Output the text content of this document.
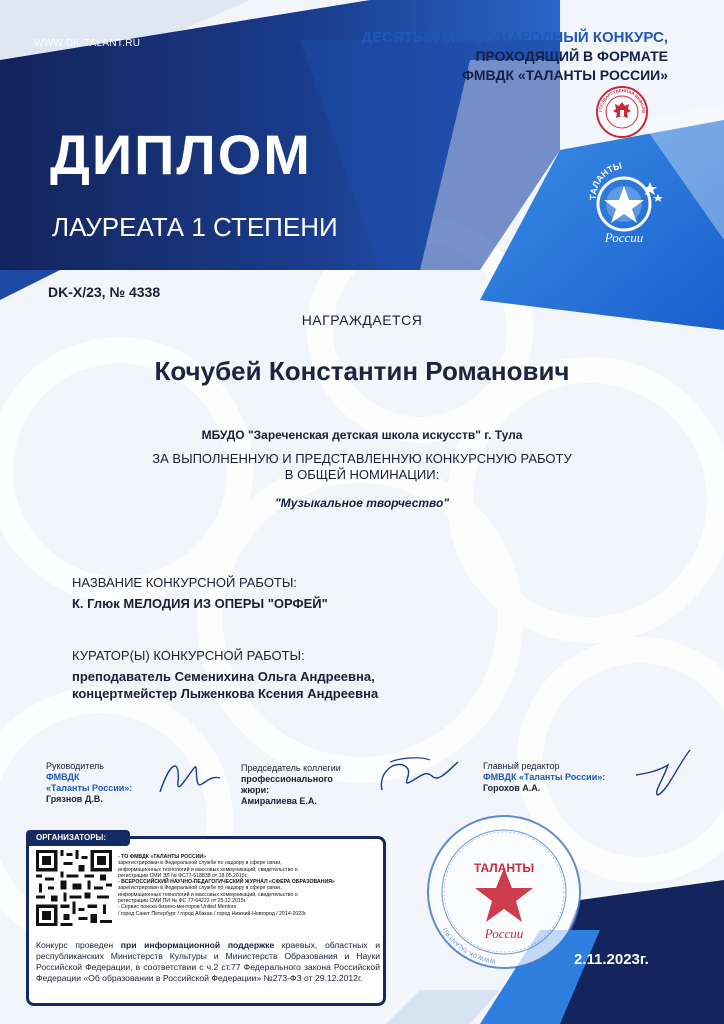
WWW.DK-TALANT.RU	ДЕСЯТЫЙ МЕЖДУНАРОДНЫЙ КОНКУРС,
ПРОХОДЯЩИЙ В ФОРМАТЕ
ФМВДК «ТАЛАНТЫ РОССИИ»
ГОСУДАРСТВЕННАЯ ИНФОРМ
ТАЛАНТЫ
России
ДИПЛОМ
ЛАУРЕАТА 1 СТЕПЕНИ
DK-X/23, № 4338
НАГРАЖДАЕТСЯ
Кочубей Константин Романович
МБУДО "Зареченская детская школа искусств" г. Тула
ЗА ВЫПОЛНЕННУЮ И ПРЕДСТАВЛЕННУЮ КОНКУРСНУЮ РАБОТУ
В ОБЩЕЙ НОМИНАЦИИ:
"Музыкальное творчество"
НАЗВАНИЕ КОНКУРСНОЙ РАБОТЫ:
К. Глюк МЕЛОДИЯ ИЗ ОПЕРЫ "ОРФЕЙ"
КУРАТОР(Ы) КОНКУРСНОЙ РАБОТЫ:
преподаватель Семенихина Ольга Андреевна,
концертмейстер Лыженкова Ксения Андреевна
Руководитель
ФМВДК
«Таланты России»:
Грязнов Д.В.
Председатель коллегии
профессионального
жюри:
Амиралиева Е.А.
Главный редактор
ФМВДК «Таланты России»:
Горохов А.А.
ОРГАНИЗАТОРЫ:
- ТО ФМВДК «ТАЛАНТЫ РОССИИ»
зарегистрирован в Федеральной службе по надзору в сфере связи,
информационных технологий и массовых коммуникаций, свидетельство о
регистрации СМИ ЭЛ № ФС77-618838 от 18.05.2015г.;
- ВСЕРОССИЙСКИЙ НАУЧНО-ПЕДАГОГИЧЕСКИЙ ЖУРНАЛ «СФЕРА ОБРАЗОВАНИЯ»
зарегистрирован в Федеральной службе по надзору в сфере связи,
информационных технологий и массовых коммуникаций, свидетельство о
регистрации СМИ ПИ № ФС 77-64222 от 25.12.2015г.
- Сервис поиска бизнес-менторов United Mentors
/ город Санкт Петербург / город Абакан / город Нижний-Новгород / 2014-2023г.
Конкурс проведен при информационной поддержке краевых, областных и республиканских Министерств Культуры и Министерств Образования и Науки Российской Федерации, в соответствии с ч.2 ст.77 Федерального закона Российской Федерации «Об образовании в Российской Федерации» №273-ФЗ от 29.12.2012г.
WWW.DK-TALANT.RU
ТАЛАНТЫ
России
2.11.2023г.
